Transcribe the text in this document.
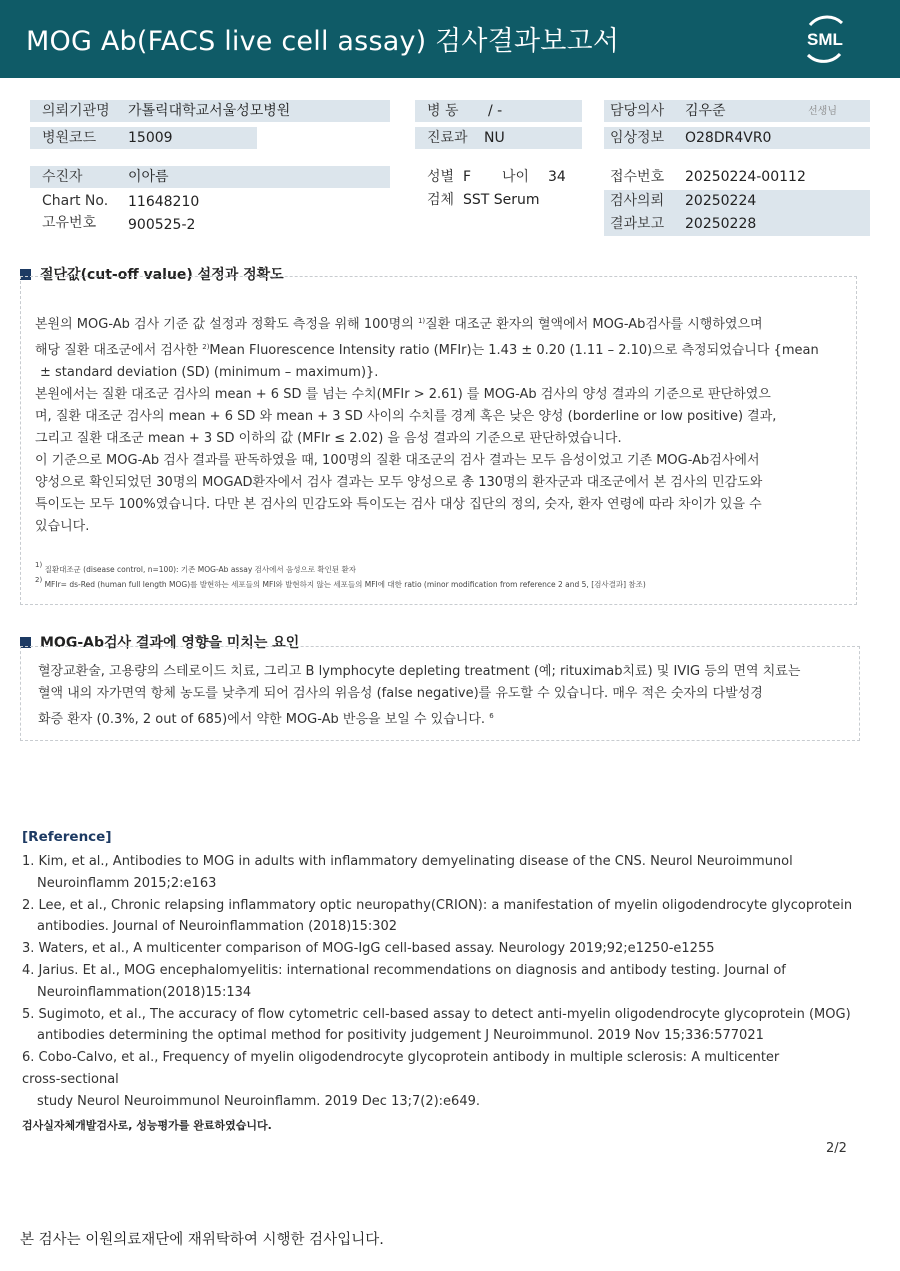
MOG Ab(FACS live cell assay) 검사결과보고서	SML
의뢰기관명 가톨릭대학교서울성모병원
병원코드 15009
수진자	이아름
Chart No. 11648210
고유번호 900525-2
병 동 / -
진료과 NU
성별 F 나이 34
검체 SST Serum
담당의사 김우준	선생님
임상정보 O28DR4VR0
접수번호 20250224-00112
검사의뢰 20250224
결과보고 20250228
절단값(cut-off value) 설정과 정확도

본원의 MOG-Ab 검사 기준 값 설정과 정확도 측정을 위해 100명의 $^{1)}$질환 대조군 환자의 혈액에서 MOG-Ab검사를 시행하였으며

해당 질환 대조군에서 검사한 $^{2)}$Mean Fluorescence Intensity ratio (MFIr)는 1.43 ± 0.20 (1.11 – 2.10)으로 측정되었습니다 {mean

± standard deviation (SD) (minimum – maximum)}.

본원에서는 질환 대조군 검사의 mean + 6 SD 를 넘는 수치(MFIr > 2.61) 를 MOG-Ab 검사의 양성 결과의 기준으로 판단하였으

며, 질환 대조군 검사의 mean + 6 SD 와 mean + 3 SD 사이의 수치를 경계 혹은 낮은 양성 (borderline or low positive) 결과,

그리고 질환 대조군 mean + 3 SD 이하의 값 (MFIr ≤ 2.02) 을 음성 결과의 기준으로 판단하였습니다.

이 기준으로 MOG-Ab 검사 결과를 판독하였을 때, 100명의 질환 대조군의 검사 결과는 모두 음성이었고 기존 MOG-Ab검사에서

양성으로 확인되었던 30명의 MOGAD환자에서 검사 결과는 모두 양성으로 총 130명의 환자군과 대조군에서 본 검사의 민감도와

특이도는 모두 100%였습니다. 다만 본 검사의 민감도와 특이도는 검사 대상 집단의 정의, 숫자, 환자 연령에 따라 차이가 있을 수

있습니다.

1) 질환대조군 (disease control, n=100): 기존 MOG-Ab assay 검사에서 음성으로 확인된 환자
2) MFIr= ds-Red (human full length MOG)를 발현하는 세포들의 MFI와 발현하지 않는 세포들의 MFI에 대한 ratio (minor modification from reference 2 and 5, [검사결과] 참조)
MOG-Ab검사 결과에 영향을 미치는 요인

혈장교환술, 고용량의 스테로이드 치료, 그리고 B lymphocyte depleting treatment (예; rituximab치료) 및 IVIG 등의 면역 치료는

혈액 내의 자가면역 항체 농도를 낮추게 되어 검사의 위음성 (false negative)를 유도할 수 있습니다. 매우 적은 숫자의 다발성경

화증 환자 (0.3%, 2 out of 685)에서 약한 MOG-Ab 반응을 보일 수 있습니다. $^6$

[Reference]
1. Kim, et al., Antibodies to MOG in adults with inflammatory demyelinating disease of the CNS. Neurol Neuroimmunol
Neuroinflamm 2015;2:e163
2. Lee, et al., Chronic relapsing inflammatory optic neuropathy(CRION): a manifestation of myelin oligodendrocyte glycoprotein
antibodies. Journal of Neuroinflammation (2018)15:302
3. Waters, et al., A multicenter comparison of MOG-IgG cell-based assay. Neurology 2019;92;e1250-e1255
4. Jarius. Et al., MOG encephalomyelitis: international recommendations on diagnosis and antibody testing. Journal of
Neuroinflammation(2018)15:134
5. Sugimoto, et al., The accuracy of flow cytometric cell-based assay to detect anti-myelin oligodendrocyte glycoprotein (MOG)
antibodies determining the optimal method for positivity judgement J Neuroimmunol. 2019 Nov 15;336:577021
6. Cobo-Calvo, et al., Frequency of myelin oligodendrocyte glycoprotein antibody in multiple sclerosis: A multicenter
cross-sectional
study Neurol Neuroimmunol Neuroinflamm. 2019 Dec 13;7(2):e649.
검사실자체개발검사로, 성능평가를 완료하였습니다.
2/2
본 검사는 이원의료재단에 재위탁하여 시행한 검사입니다.
